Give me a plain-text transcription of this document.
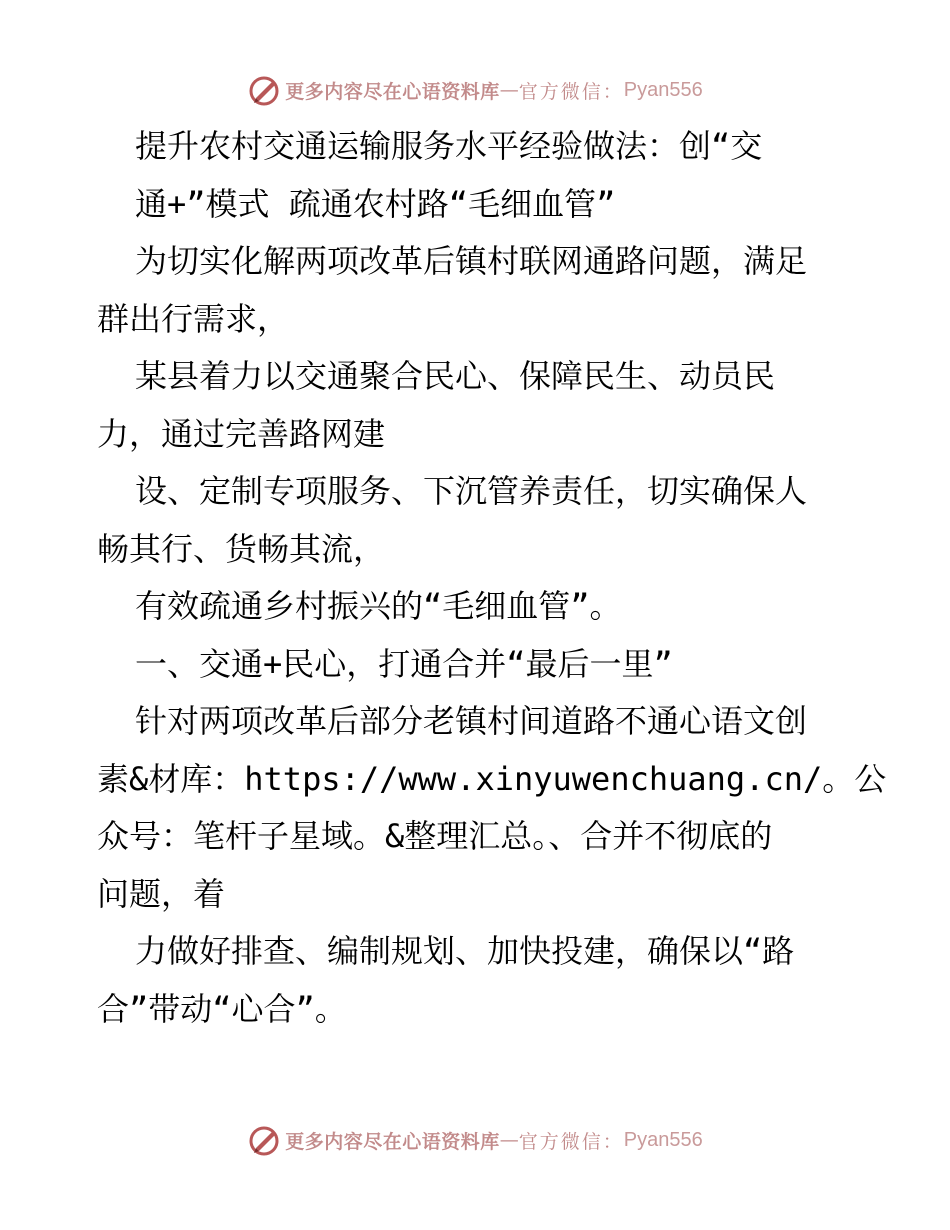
更多内容尽在心语资料库 — 官方微信： Pyan556
提升农村交通运输服务水平经验做法：创“交
通+”模式 疏通农村路“毛细血管”
为切实化解两项改革后镇村联网通路问题，满足
群出行需求，
某县着力以交通聚合民心、保障民生、动员民
力，通过完善路网建
设、定制专项服务、下沉管养责任，切实确保人
畅其行、货畅其流，
有效疏通乡村振兴的“毛细血管”。
一、交通+民心，打通合并“最后一里”
针对两项改革后部分老镇村间道路不通心语文创
素&材库：https://www.xinyuwenchuang.cn/。公
众号：笔杆子星域。&整理汇总。、合并不彻底的
问题，着
力做好排查、编制规划、加快投建，确保以“路
合”带动“心合”。
更多内容尽在心语资料库 — 官方微信： Pyan556
